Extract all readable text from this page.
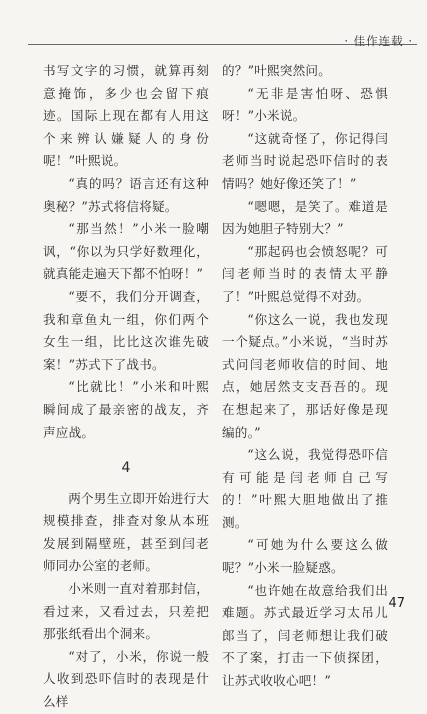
· 佳作连载 ·

书写文字的习惯，就算再刻意掩饰，多少也会留下痕迹。国际上现在都有人用这个来辨认嫌疑人的身份呢！”叶熙说。

“真的吗？语言还有这种奥秘？”苏式将信将疑。

“那当然！”小米一脸嘲讽，“你以为只学好数理化，就真能走遍天下都不怕呀！”

“要不，我们分开调查，我和章鱼丸一组，你们两个女生一组，比比这次谁先破案！”苏式下了战书。

“比就比！”小米和叶熙瞬间成了最亲密的战友，齐声应战。

4

两个男生立即开始进行大规模排查，排查对象从本班发展到隔壁班，甚至到闫老师同办公室的老师。

小米则一直对着那封信，看过来，又看过去，只差把那张纸看出个洞来。

“对了，小米，你说一般人收到恐吓信时的表现是什么样

的？”叶熙突然问。

“无非是害怕呀、恐惧呀！”小米说。

“这就奇怪了，你记得闫老师当时说起恐吓信时的表情吗？她好像还笑了！”

“嗯嗯，是笑了。难道是因为她胆子特别大？”

“那起码也会愤怒呢？可闫老师当时的表情太平静了！”叶熙总觉得不对劲。

“你这么一说，我也发现一个疑点。”小米说，“当时苏式问闫老师收信的时间、地点，她居然支支吾吾的。现在想起来了，那话好像是现编的。”

“这么说，我觉得恐吓信有可能是闫老师自己写的！”叶熙大胆地做出了推测。

“可她为什么要这么做呢？”小米一脸疑惑。

“也许她在故意给我们出难题。苏式最近学习太吊儿郎当了，闫老师想让我们破不了案，打击一下侦探团，让苏式收收心吧！”

47
